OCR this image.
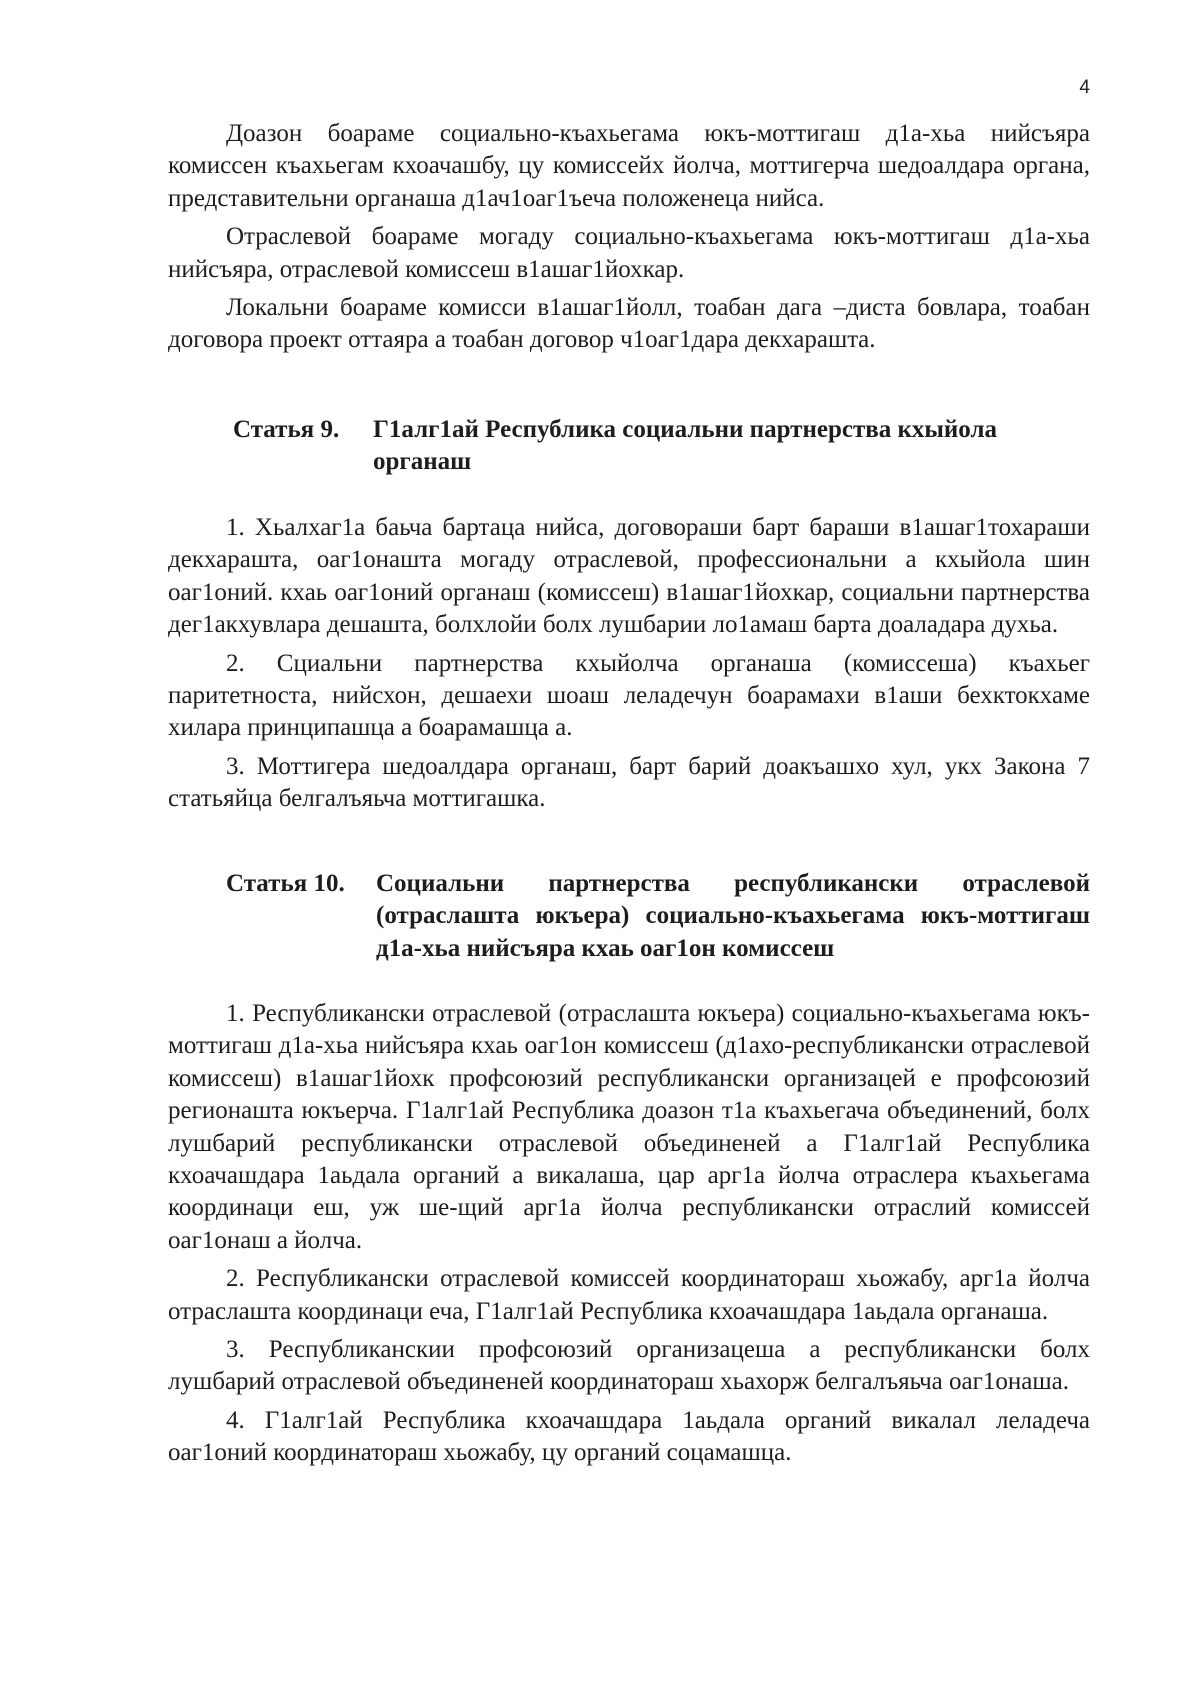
4

Доазон боараме социально-къахьегама юкъ-моттигаш д1а-хьа нийсъяра комиссен къахьегам кхоачашбу, цу комиссейх йолча, моттигерча шедоалдара органа, представительни органаша д1ач1оаг1ъеча положенеца нийса.

Отраслевой боараме могаду социально-къахьегама юкъ-моттигаш д1а-хьа нийсъяра, отраслевой комиссеш в1ашаг1йохкар.

Локальни боараме комисси в1ашаг1йолл, тоабан дага –диста бовлара, тоабан договора проект оттаяра а тоабан договор ч1оаг1дара декхараштa.

Статья 9.	Г1алг1ай Республика социальни партнерства кхыйола органаш

1. Хьалхаг1а баьча бартаца нийса, договораши барт бараши в1ашаг1тохараши декхараштa, оаг1онашта могаду отраслевой, профессиональни а кхыйола шин оаг1оний. кхаь оаг1оний органаш (комиссеш) в1ашаг1йохкар, социальни партнерства дег1акхувлара дешашта, болхлойи болх лушбарии ло1амаш барта доаладара духьа.

2. Сциальни партнерства кхыйолча органаша (комиссеша) къахьег паритетноста, нийсхон, дешаехи шоаш леладечун боарамахи в1аши бехктокхаме хилара принципашца а боарамашца а.

3. Моттигера шедоалдара органаш, барт барий доакъашхо хул, укх Закона 7 статьяйца белгалъяьча моттигашка.

Статья 10.	Социальни партнерства республикански отраслевой (отраслашта юкъера) социально-къахьегама юкъ-моттигаш д1а-хьа нийсъяра кхаь оаг1он комиссеш

1. Республикански отраслевой (отраслашта юкъера) социально-къахьегама юкъ-моттигаш д1а-хьа нийсъяра кхаь оаг1он комиссеш (д1ахо-республикански отраслевой комиссеш) в1ашаг1йохк профсоюзий республикански организацей е профсоюзий регионашта юкъерча. Г1алг1ай Республика доазон т1а къахьегача объединений, болх лушбарий республикански отраслевой объединеней а Г1алг1ай Республика кхоачашдара 1аьдала органий а викалаша, цар арг1а йолча отраслера къахьегама координаци еш, уж ше-щий арг1а йолча республикански отраслий комиссей оаг1онаш а йолча.

2. Республикански отраслевой комиссей координатораш хьожабу, арг1а йолча отраслашта координаци еча, Г1алг1ай Республика кхоачашдара 1аьдала органаша.

3. Республиканскии профсоюзий организацеша а республикански болх лушбарий отраслевой объединеней координатораш хьахорж белгалъяьча оаг1онаша.

4. Г1алг1ай Республика кхоачашдара 1аьдала органий викалал леладеча оаг1оний координатораш хьожабу, цу органий соцамашца.
